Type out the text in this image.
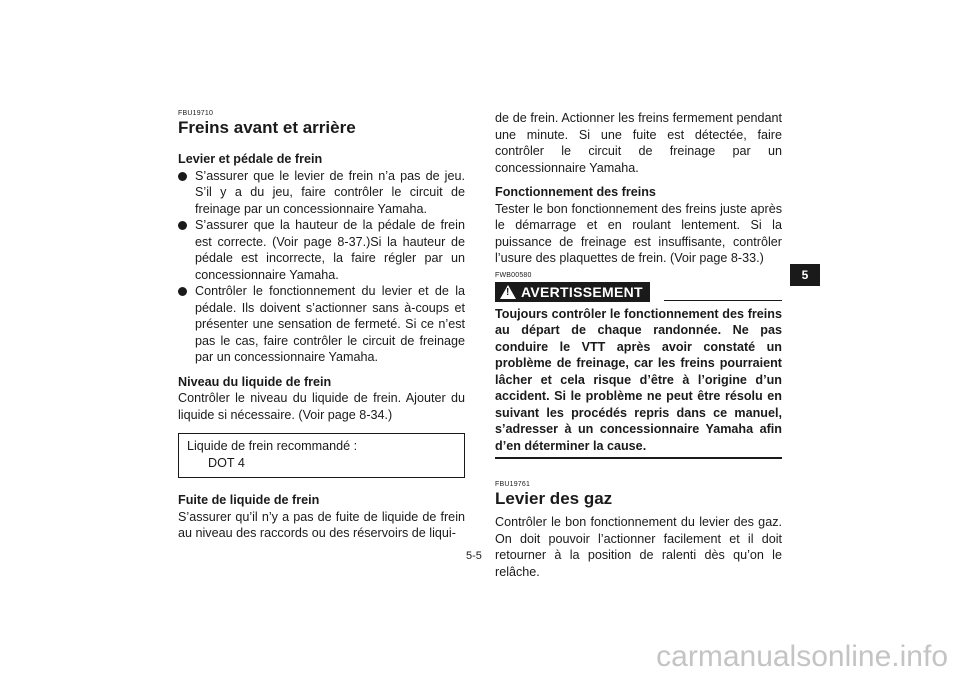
FBU19710
Freins avant et arrière
Levier et pédale de frein
S’assurer que le levier de frein n’a pas de jeu. S’il y a du jeu, faire contrôler le circuit de freinage par un concessionnaire Yamaha.
S’assurer que la hauteur de la pédale de frein est correcte. (Voir page 8-37.)Si la hauteur de pédale est incorrecte, la faire régler par un concessionnaire Yamaha.
Contrôler le fonctionnement du levier et de la pédale. Ils doivent s’actionner sans à-coups et présenter une sensation de fermeté. Si ce n’est pas le cas, faire contrôler le circuit de freinage par un concessionnaire Yamaha.
Niveau du liquide de frein

Contrôler le niveau du liquide de frein. Ajouter du liquide si nécessaire. (Voir page 8-34.)

Liquide de frein recommandé :
DOT 4
Fuite de liquide de frein

S’assurer qu’il n’y a pas de fuite de liquide de frein au niveau des raccords ou des réservoirs de liqui-

de de frein. Actionner les freins fermement pendant une minute. Si une fuite est détectée, faire contrôler le circuit de freinage par un concessionnaire Yamaha.

Fonctionnement des freins

Tester le bon fonctionnement des freins juste après le démarrage et en roulant lentement. Si la puissance de freinage est insuffisante, contrôler l’usure des plaquettes de frein. (Voir page 8-33.)

FWB00580
! AVERTISSEMENT
Toujours contrôler le fonctionnement des freins au départ de chaque randonnée. Ne pas conduire le VTT après avoir constaté un problème de freinage, car les freins pourraient lâcher et cela risque d’être à l’origine d’un accident. Si le problème ne peut être résolu en suivant les procédés repris dans ce manuel, s’adresser à un concessionnaire Yamaha afin d’en déterminer la cause.
FBU19761
Levier des gaz

Contrôler le bon fonctionnement du levier des gaz. On doit pouvoir l’actionner facilement et il doit retourner à la position de ralenti dès qu’on le relâche.

5-5
5
carmanualsonline.info
